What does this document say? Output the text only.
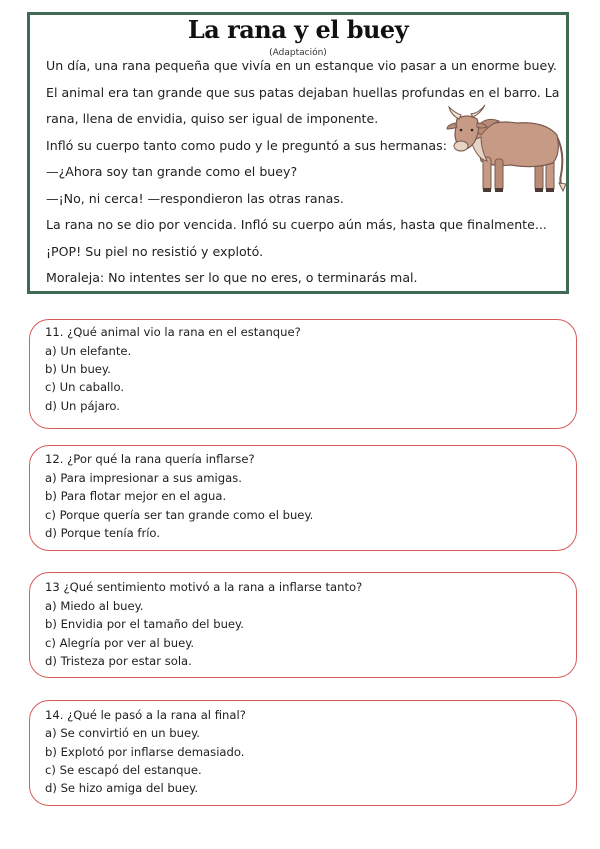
La rana y el buey
(Adaptación)
Un día, una rana pequeña que vivía en un estanque vio pasar a un enorme buey.
El animal era tan grande que sus patas dejaban huellas profundas en el barro. La
rana, llena de envidia, quiso ser igual de imponente.
Infló su cuerpo tanto como pudo y le preguntó a sus hermanas:
—¿Ahora soy tan grande como el buey?
—¡No, ni cerca! —respondieron las otras ranas.
La rana no se dio por vencida. Infló su cuerpo aún más, hasta que finalmente...
¡POP! Su piel no resistió y explotó.
Moraleja: No intentes ser lo que no eres, o terminarás mal.
11. ¿Qué animal vio la rana en el estanque?
a) Un elefante.
b) Un buey.
c) Un caballo.
d) Un pájaro.
12. ¿Por qué la rana quería inflarse?
a) Para impresionar a sus amigas.
b) Para flotar mejor en el agua.
c) Porque quería ser tan grande como el buey.
d) Porque tenía frío.
13 ¿Qué sentimiento motivó a la rana a inflarse tanto?
a) Miedo al buey.
b) Envidia por el tamaño del buey.
c) Alegría por ver al buey.
d) Tristeza por estar sola.
14. ¿Qué le pasó a la rana al final?
a) Se convirtió en un buey.
b) Explotó por inflarse demasiado.
c) Se escapó del estanque.
d) Se hizo amiga del buey.
